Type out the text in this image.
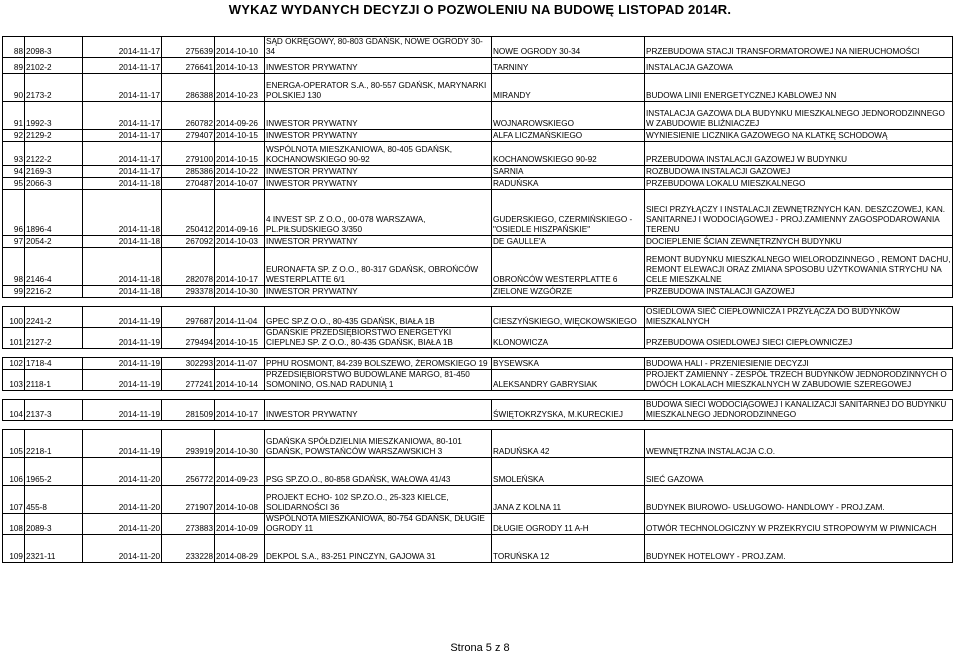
WYKAZ WYDANYCH DECYZJI O POZWOLENIU NA BUDOWĘ LISTOPAD 2014R.
88	2098-3	2014-11-17	275639	2014-10-10	SĄD OKRĘGOWY, 80-803 GDAŃSK, NOWE OGRODY 30-34	NOWE OGRODY 30-34	PRZEBUDOWA STACJI TRANSFORMATOROWEJ NA NIERUCHOMOŚCI
89	2102-2	2014-11-17	276641	2014-10-13	INWESTOR PRYWATNY	TARNINY	INSTALACJA GAZOWA
90	2173-2	2014-11-17	286388	2014-10-23	ENERGA-OPERATOR S.A., 80-557 GDAŃSK, MARYNARKI POLSKIEJ 130	MIRANDY	BUDOWA LINII ENERGETYCZNEJ KABLOWEJ NN
91	1992-3	2014-11-17	260782	2014-09-26	INWESTOR PRYWATNY	WOJNAROWSKIEGO	INSTALACJA GAZOWA DLA BUDYNKU MIESZKALNEGO JEDNORODZINNEGO W ZABUDOWIE BLIŹNIACZEJ
92	2129-2	2014-11-17	279407	2014-10-15	INWESTOR PRYWATNY	ALFA LICZMAŃSKIEGO	WYNIESIENIE LICZNIKA GAZOWEGO NA KLATKĘ SCHODOWĄ
93	2122-2	2014-11-17	279100	2014-10-15	WSPÓLNOTA MIESZKANIOWA, 80-405 GDAŃSK, KOCHANOWSKIEGO 90-92	KOCHANOWSKIEGO 90-92	PRZEBUDOWA INSTALACJI GAZOWEJ W BUDYNKU
94	2169-3	2014-11-17	285386	2014-10-22	INWESTOR PRYWATNY	SARNIA	ROZBUDOWA INSTALACJI GAZOWEJ
95	2066-3	2014-11-18	270487	2014-10-07	INWESTOR PRYWATNY	RADUŃSKA	PRZEBUDOWA LOKALU MIESZKALNEGO
96	1896-4	2014-11-18	250412	2014-09-16	4 INVEST SP. Z O.O., 00-078 WARSZAWA, PL.PIŁSUDSKIEGO 3/350	GUDERSKIEGO, CZERMIŃSKIEGO - "OSIEDLE HISZPAŃSKIE"	SIECI PRZYŁĄCZY I INSTALACJI ZEWNĘTRZNYCH KAN. DESZCZOWEJ, KAN. SANITARNEJ I WODOCIĄGOWEJ - PROJ.ZAMIENNY ZAGOSPODAROWANIA TERENU
97	2054-2	2014-11-18	267092	2014-10-03	INWESTOR PRYWATNY	DE GAULLE'A	DOCIEPLENIE ŚCIAN ZEWNĘTRZNYCH BUDYNKU
98	2146-4	2014-11-18	282078	2014-10-17	EURONAFTA SP. Z O.O., 80-317 GDAŃSK, OBROŃCÓW WESTERPLATTE 6/1	OBROŃCÓW WESTERPLATTE 6	REMONT BUDYNKU MIESZKALNEGO WIELORODZINNEGO , REMONT DACHU, REMONT ELEWACJI ORAZ ZMIANA SPOSOBU UŻYTKOWANIA STRYCHU NA CELE MIESZKALNE
99	2216-2	2014-11-18	293378	2014-10-30	INWESTOR PRYWATNY	ZIELONE WZGÓRZE	PRZEBUDOWA INSTALACJI GAZOWEJ

100	2241-2	2014-11-19	297687	2014-11-04	GPEC SP.Z O.O., 80-435 GDAŃSK, BIAŁA 1B	CIESZYŃSKIEGO, WIĘCKOWSKIEGO	OSIEDLOWA SIEĆ CIEPŁOWNICZA I PRZYŁĄCZA DO BUDYNKÓW MIESZKALNYCH
101	2127-2	2014-11-19	279494	2014-10-15	GDAŃSKIE PRZEDSIĘBIORSTWO ENERGETYKI CIEPLNEJ SP. Z O.O., 80-435 GDAŃSK, BIAŁA 1B	KLONOWICZA	PRZEBUDOWA OSIEDLOWEJ SIECI CIEPŁOWNICZEJ

102	1718-4	2014-11-19	302293	2014-11-07	PPHU ROSMONT, 84-239 BOLSZEWO, ŻEROMSKIEGO 19	BYSEWSKA	BUDOWA HALI - PRZENIESIENIE DECYZJI
103	2118-1	2014-11-19	277241	2014-10-14	PRZEDSIĘBIORSTWO BUDOWLANE MARGO, 81-450 SOMONINO, OS.NAD RADUNIĄ 1	ALEKSANDRY GABRYSIAK	PROJEKT ZAMIENNY - ZESPÓŁ TRZECH BUDYNKÓW JEDNORODZINNYCH O DWÓCH LOKALACH MIESZKALNYCH W ZABUDOWIE SZEREGOWEJ

104	2137-3	2014-11-19	281509	2014-10-17	INWESTOR PRYWATNY	ŚWIĘTOKRZYSKA, M.KURECKIEJ	BUDOWA SIECI WODOCIĄGOWEJ I KANALIZACJI SANITARNEJ DO BUDYNKU MIESZKALNEGO JEDNORODZINNEGO

105	2218-1	2014-11-19	293919	2014-10-30	GDAŃSKA SPÓŁDZIELNIA MIESZKANIOWA, 80-101 GDAŃSK, POWSTAŃCÓW WARSZAWSKICH 3	RADUŃSKA 42	WEWNĘTRZNA INSTALACJA C.O.
106	1965-2	2014-11-20	256772	2014-09-23	PSG SP.ZO.O., 80-858 GDAŃSK, WAŁOWA 41/43	SMOLEŃSKA	SIEĆ GAZOWA
107	455-8	2014-11-20	271907	2014-10-08	PROJEKT ECHO- 102 SP.ZO.O., 25-323 KIELCE, SOLIDARNOŚCI 36	JANA Z KOLNA 11	BUDYNEK BIUROWO- USŁUGOWO- HANDLOWY - PROJ.ZAM.
108	2089-3	2014-11-20	273883	2014-10-09	WSPÓLNOTA MIESZKANIOWA, 80-754 GDAŃSK, DŁUGIE OGRODY 11	DŁUGIE OGRODY 11 A-H	OTWÓR TECHNOLOGICZNY W PRZEKRYCIU STROPOWYM W PIWNICACH
109	2321-11	2014-11-20	233228	2014-08-29	DEKPOL S.A., 83-251 PINCZYN, GAJOWA 31	TORUŃSKA 12	BUDYNEK HOTELOWY - PROJ.ZAM.
Strona 5 z 8
